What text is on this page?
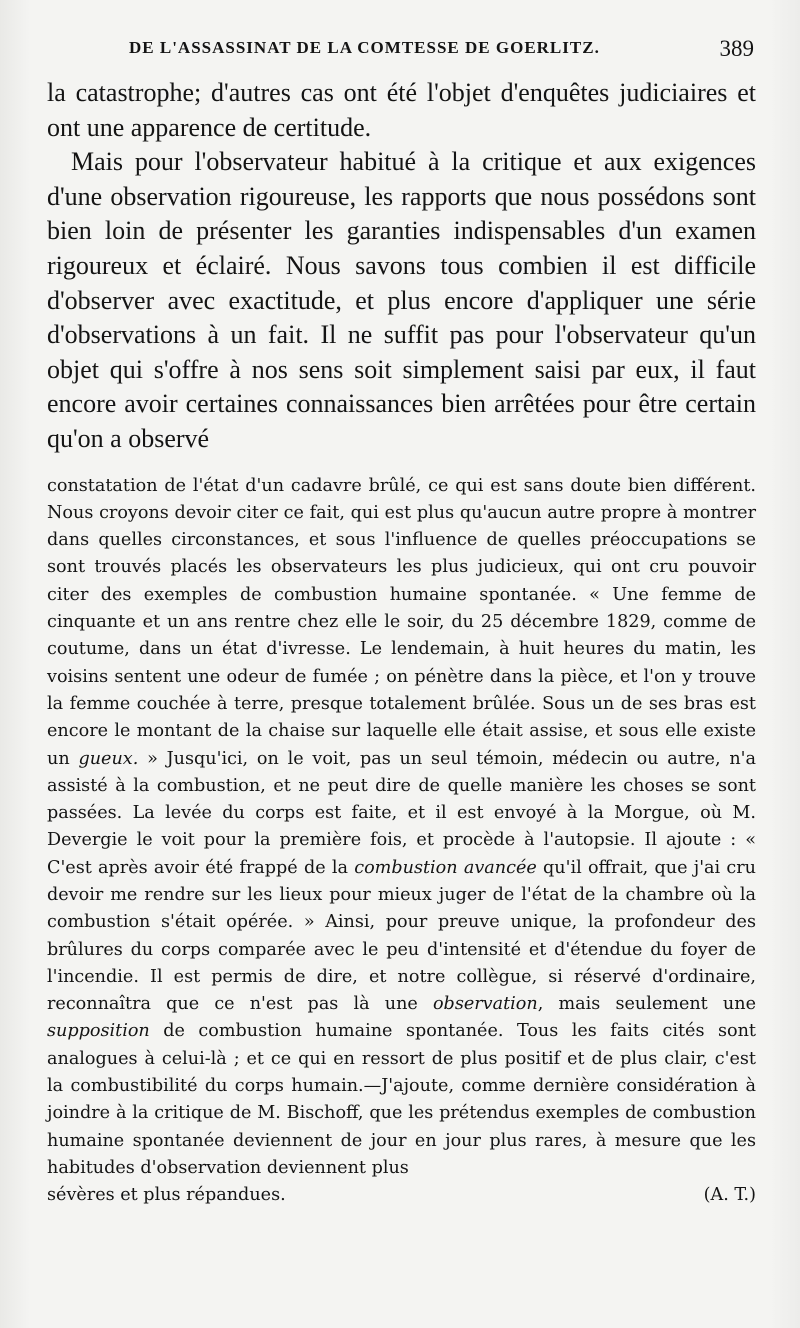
DE L'ASSASSINAT DE LA COMTESSE DE GOERLITZ.	389

la catastrophe; d'autres cas ont été l'objet d'enquêtes judiciaires et ont une apparence de certitude.

Mais pour l'observateur habitué à la critique et aux exigences d'une observation rigoureuse, les rapports que nous possédons sont bien loin de présenter les garanties indispensables d'un examen rigoureux et éclairé. Nous savons tous combien il est difficile d'observer avec exactitude, et plus encore d'appliquer une série d'observations à un fait. Il ne suffit pas pour l'observateur qu'un objet qui s'offre à nos sens soit simplement saisi par eux, il faut encore avoir certaines connaissances bien arrêtées pour être certain qu'on a observé

constatation de l'état d'un cadavre brûlé, ce qui est sans doute bien différent. Nous croyons devoir citer ce fait, qui est plus qu'aucun autre propre à montrer dans quelles circonstances, et sous l'influence de quelles préoccupations se sont trouvés placés les observateurs les plus judicieux, qui ont cru pouvoir citer des exemples de combustion humaine spontanée. « Une femme de cinquante et un ans rentre chez elle le soir, du 25 décembre 1829, comme de coutume, dans un état d'ivresse. Le lendemain, à huit heures du matin, les voisins sentent une odeur de fumée ; on pénètre dans la pièce, et l'on y trouve la femme couchée à terre, presque totalement brûlée. Sous un de ses bras est encore le montant de la chaise sur laquelle elle était assise, et sous elle existe un gueux. » Jusqu'ici, on le voit, pas un seul témoin, médecin ou autre, n'a assisté à la combustion, et ne peut dire de quelle manière les choses se sont passées. La levée du corps est faite, et il est envoyé à la Morgue, où M. Devergie le voit pour la première fois, et procède à l'autopsie. Il ajoute : « C'est après avoir été frappé de la combustion avancée qu'il offrait, que j'ai cru devoir me rendre sur les lieux pour mieux juger de l'état de la chambre où la combustion s'était opérée. » Ainsi, pour preuve unique, la profondeur des brûlures du corps comparée avec le peu d'intensité et d'étendue du foyer de l'incendie. Il est permis de dire, et notre collègue, si réservé d'ordinaire, reconnaîtra que ce n'est pas là une observation, mais seulement une supposition de combustion humaine spontanée. Tous les faits cités sont analogues à celui-là ; et ce qui en ressort de plus positif et de plus clair, c'est la combustibilité du corps humain.—J'ajoute, comme dernière considération à joindre à la critique de M. Bischoff, que les prétendus exemples de combustion humaine spontanée deviennent de jour en jour plus rares, à mesure que les habitudes d'observation deviennent plus

sévères et plus répandues.	(A. T.)
